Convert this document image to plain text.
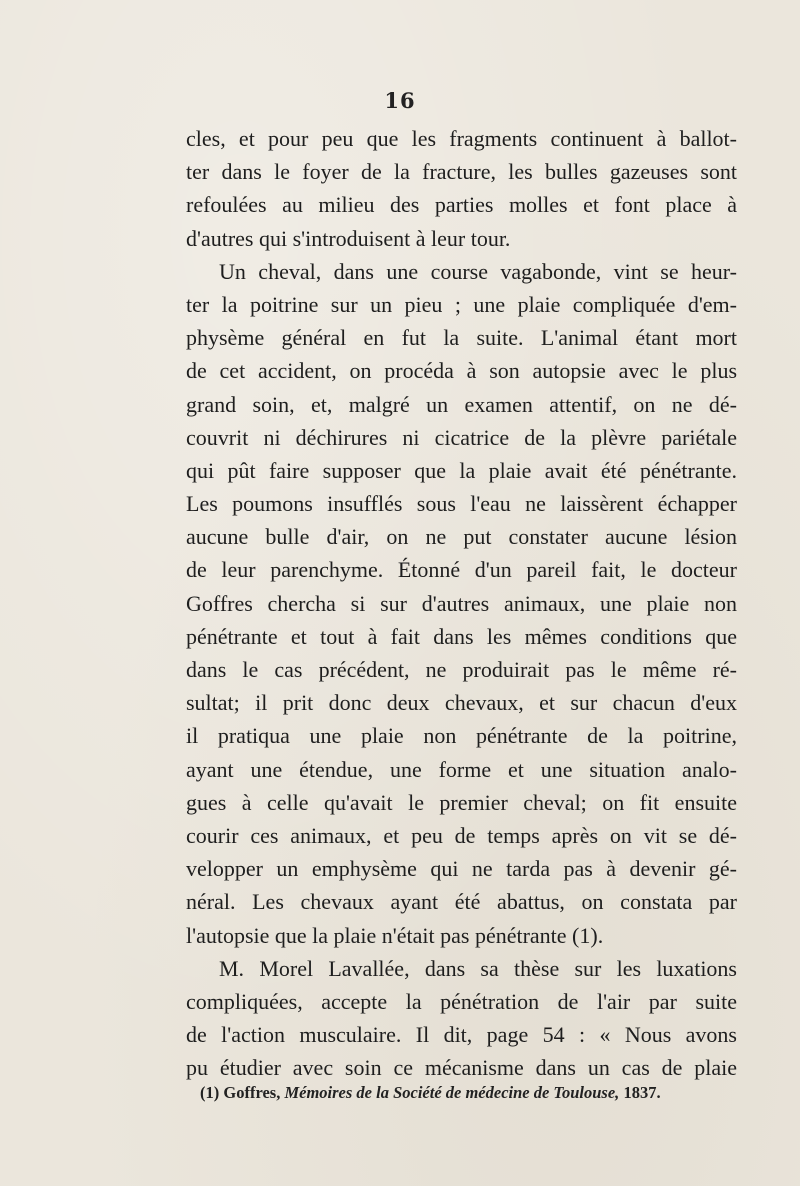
16
cles, et pour peu que les fragments continuent à ballot-
ter dans le foyer de la fracture, les bulles gazeuses sont
refoulées au milieu des parties molles et font place à
d'autres qui s'introduisent à leur tour.
Un cheval, dans une course vagabonde, vint se heur-
ter la poitrine sur un pieu ; une plaie compliquée d'em-
physème général en fut la suite. L'animal étant mort
de cet accident, on procéda à son autopsie avec le plus
grand soin, et, malgré un examen attentif, on ne dé-
couvrit ni déchirures ni cicatrice de la plèvre pariétale
qui pût faire supposer que la plaie avait été pénétrante.
Les poumons insufflés sous l'eau ne laissèrent échapper
aucune bulle d'air, on ne put constater aucune lésion
de leur parenchyme. Étonné d'un pareil fait, le docteur
Goffres chercha si sur d'autres animaux, une plaie non
pénétrante et tout à fait dans les mêmes conditions que
dans le cas précédent, ne produirait pas le même ré-
sultat; il prit donc deux chevaux, et sur chacun d'eux
il pratiqua une plaie non pénétrante de la poitrine,
ayant une étendue, une forme et une situation analo-
gues à celle qu'avait le premier cheval; on fit ensuite
courir ces animaux, et peu de temps après on vit se dé-
velopper un emphysème qui ne tarda pas à devenir gé-
néral. Les chevaux ayant été abattus, on constata par
l'autopsie que la plaie n'était pas pénétrante (1).
M. Morel Lavallée, dans sa thèse sur les luxations
compliquées, accepte la pénétration de l'air par suite
de l'action musculaire. Il dit, page 54 : « Nous avons
pu étudier avec soin ce mécanisme dans un cas de plaie
(1) Goffres, Mémoires de la Société de médecine de Toulouse, 1837.
